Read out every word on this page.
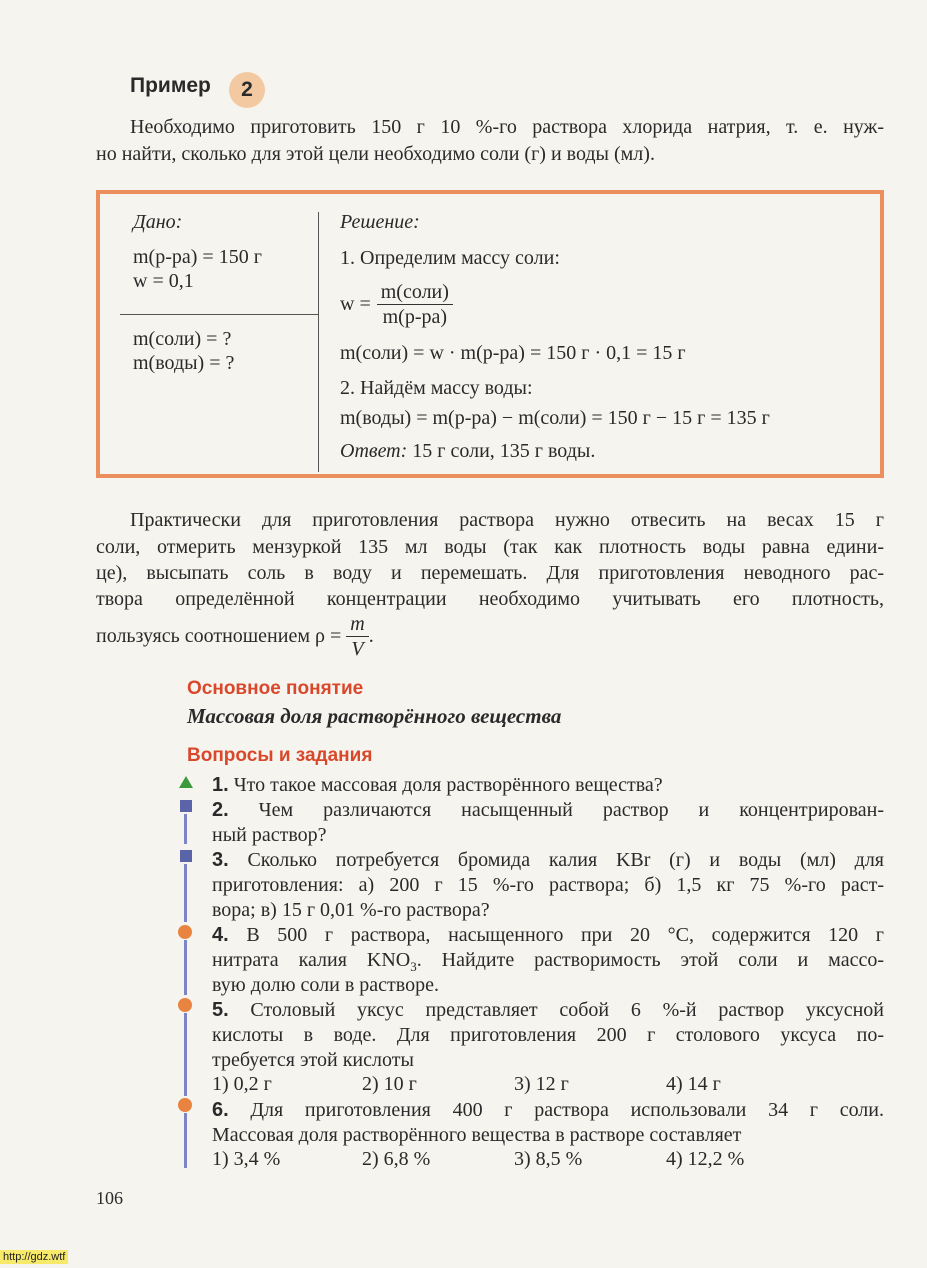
Пример	2
Необходимо приготовить 150 г 10 %-го раствора хлорида натрия, т. е. нуж-
но найти, сколько для этой цели необходимо соли (г) и воды (мл).
Дано:
m(р-ра) = 150 г
w = 0,1
m(соли) = ?
m(воды) = ?
Решение:
1. Определим массу соли:
$w = \frac{\text{m(соли)}}{m(р-ра)}$
m(соли) = w · m(р-ра) = 150 г · 0,1 = 15 г
2. Найдём массу воды:
m(воды) = m(р-ра) − m(соли) = 150 г − 15 г = 135 г
Ответ: 15 г соли, 135 г воды.
Практически для приготовления раствора нужно отвесить на весах 15 г
соли, отмерить мензуркой 135 мл воды (так как плотность воды равна едини-
це), высыпать соль в воду и перемешать. Для приготовления неводного рас-
твора определённой концентрации необходимо учитывать его плотность,
пользуясь соотношением $\rho = \frac{m}{V}$ .
Основное понятие
Массовая доля растворённого вещества
Вопросы и задания
1. Что такое массовая доля растворённого вещества?
2. Чем различаются насыщенный раствор и концентрирован-
ный раствор?
3. Сколько потребуется бромида калия KBr (г) и воды (мл) для
приготовления: а) 200 г 15 %-го раствора; б) 1,5 кг 75 %-го раст-
вора; в) 15 г 0,01 %-го раствора?
4. В 500 г раствора, насыщенного при 20 °C, содержится 120 г
нитрата калия $KNO_3$. Найдите растворимость этой соли и массо-
вую долю соли в растворе.
5. Столовый уксус представляет собой 6 %-й раствор уксусной
кислоты в воде. Для приготовления 200 г столового уксуса по-
требуется этой кислоты
1) 0,2 г	2) 10 г	3) 12 г	4) 14 г
6. Для приготовления 400 г раствора использовали 34 г соли.
Массовая доля растворённого вещества в растворе составляет
1) 3,4 %	2) 6,8 %	3) 8,5 %	4) 12,2 %
106
http://gdz.wtf
